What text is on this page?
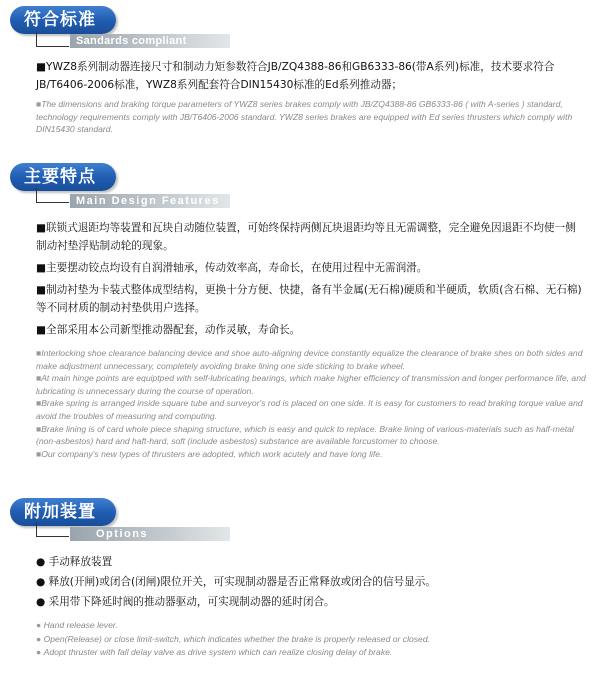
符合标准
Sandards compliant

■YWZ8系列制动器连接尺寸和制动力矩参数符合JB/ZQ4388-86和GB6333-86(带A系列)标准，技术要求符合JB/T6406-2006标准，YWZ8系列配套符合DIN15430标准的Ed系列推动器；

■The dimensions and braking torque parameters of YWZ8 series brakes comply with JB/ZQ4388-86 GB6333-86 ( with A-series ) standard, technology requirements comply with JB/T6406-2006 standard. YWZ8 series brakes are equipped with Ed series thrusters which comply with DIN15430 standard.

主要特点
Main Design Features

■联锁式退距均等装置和瓦块自动随位装置，可始终保持两侧瓦块退距均等且无需调整，完全避免因退距不均使一侧制动衬垫浮贴制动轮的现象。

■主要摆动铰点均设有自润滑轴承，传动效率高，寿命长，在使用过程中无需润滑。

■制动衬垫为卡装式整体成型结构，更换十分方便、快捷，备有半金属(无石棉)硬质和半硬质，软质(含石棉、无石棉)等不同材质的制动衬垫供用户选择。

■全部采用本公司新型推动器配套，动作灵敏，寿命长。

■Interlocking shoe clearance balancing device and shoe auto-aligning device constantly equalize the clearance of brake shes on both sides and make adjustment unnecessary, completely avoiding brake lining one side sticking to brake wheel.

■At main hinge points are equiptped with self-lubricating bearings, which make higher efficiency of transmission and longer performance life, and lubricating is unnecessary during the course of operation.

■Brake spring is arranged inside square tube and surveyor's rod is placed on one side. It is easy for customers to read braking torque value and avoid the troubles of measuring and computing.

■Brake lining is of card whole piece shaping structure, which is easy and quick to replace. Brake lining of various-materials such as half-metal (non-asbestos) hard and haft-hard, soft (include asbestos) substance are available forcustomer to choose.

■Our company's new types of thrusters are adopted, which work acutely and have long life.

附加装置
Options

● 手动释放装置

● 释放(开闸)或闭合(闭闸)限位开关，可实现制动器是否正常释放或闭合的信号显示。

● 采用带下降延时阀的推动器驱动，可实现制动器的延时闭合。

● Hand release lever.

● Open(Release) or close limit-switch, which indicates whether the brake is properly released or closed.

● Adopt thruster with fall delay valve as drive system which can realize closing delay of brake.
